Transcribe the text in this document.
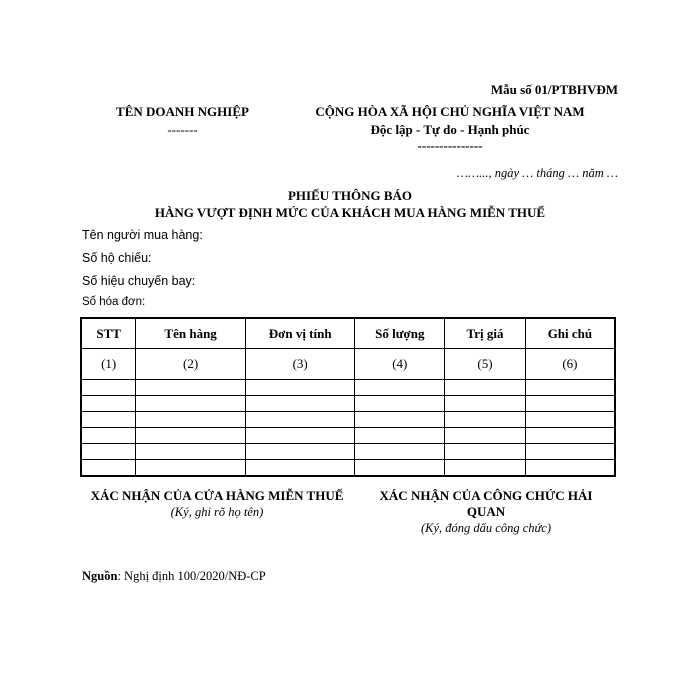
Mẫu số 01/PTBHVĐM
TÊN DOANH NGHIỆP
-------
CỘNG HÒA XÃ HỘI CHỦ NGHĨA VIỆT NAM
Độc lập - Tự do - Hạnh phúc
---------------
……..., ngày … tháng … năm …
PHIẾU THÔNG BÁO
HÀNG VƯỢT ĐỊNH MỨC CỦA KHÁCH MUA HÀNG MIỄN THUẾ
Tên người mua hàng:
Số hộ chiếu:
Số hiệu chuyến bay:
Số hóa đơn:
STT	Tên hàng	Đơn vị tính	Số lượng	Trị giá	Ghi chú
(1)	(2)	(3)	(4)	(5)	(6)

XÁC NHẬN CỦA CỬA HÀNG MIỄN THUẾ
(Ký, ghi rõ họ tên)
XÁC NHẬN CỦA CÔNG CHỨC HẢI QUAN
(Ký, đóng dấu công chức)
Nguồn: Nghị định 100/2020/NĐ-CP
